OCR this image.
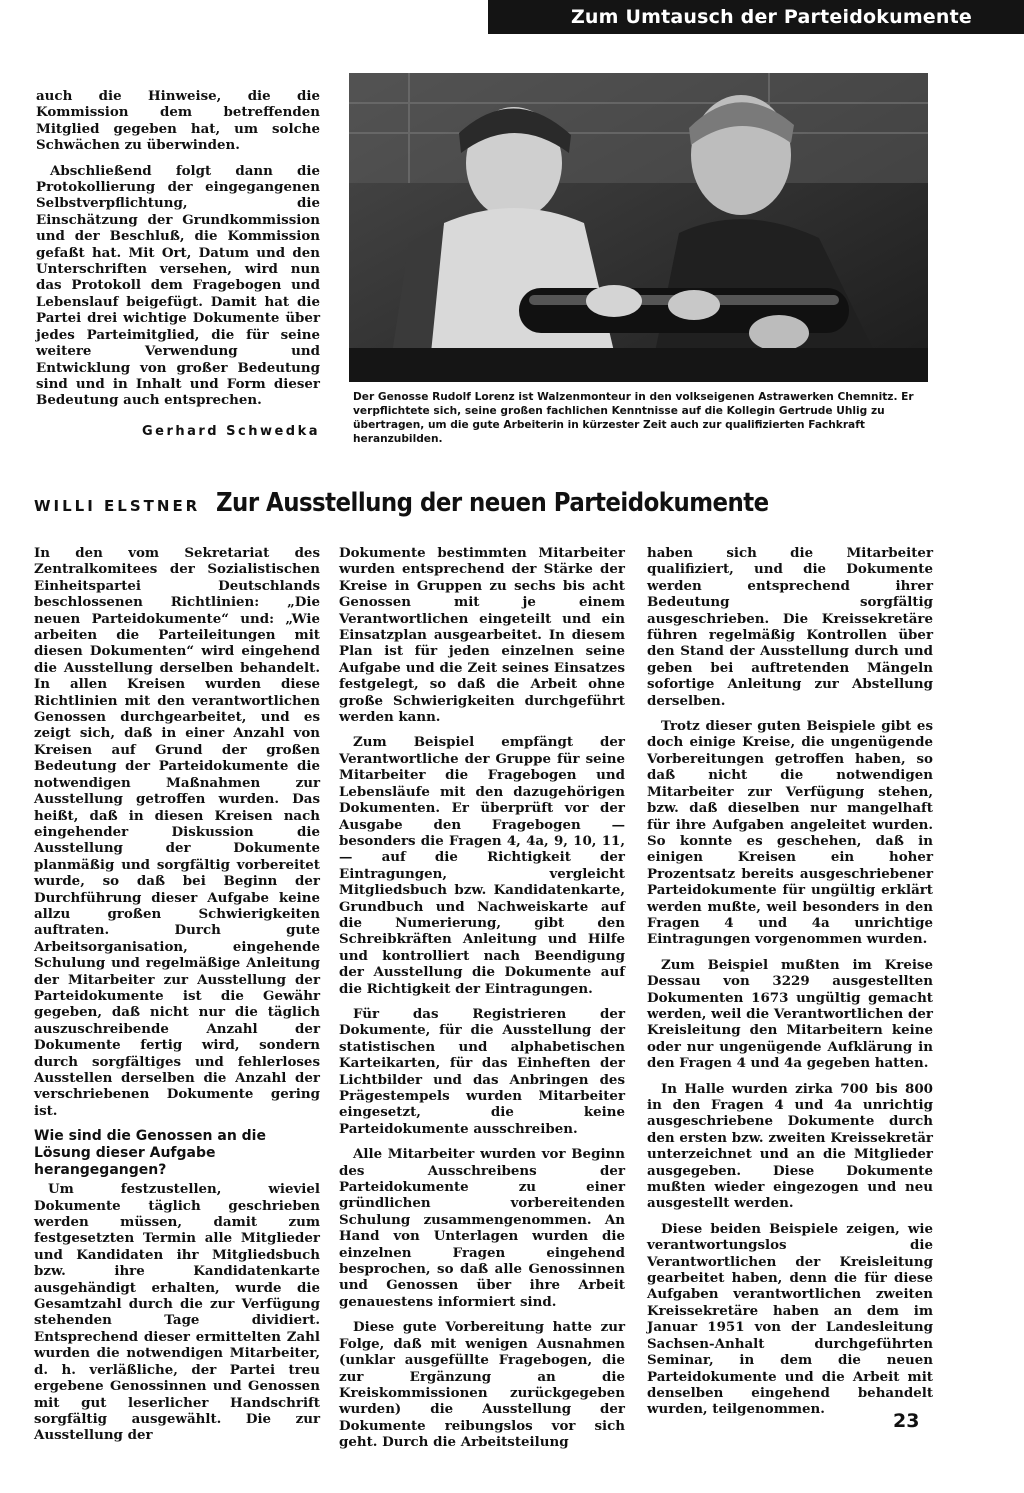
Zum Umtausch der Parteidokumente

auch die Hinweise, die die Kommission dem betreffenden Mitglied gegeben hat, um solche Schwächen zu überwinden.

Abschließend folgt dann die Protokollierung der eingegangenen Selbstverpflichtung, die Einschätzung der Grundkommission und der Beschluß, die Kommission gefaßt hat. Mit Ort, Datum und den Unterschriften versehen, wird nun das Protokoll dem Fragebogen und Lebenslauf beigefügt. Damit hat die Partei drei wichtige Dokumente über jedes Parteimitglied, die für seine weitere Verwendung und Entwicklung von großer Bedeutung sind und in Inhalt und Form dieser Bedeutung auch entsprechen.

Gerhard Schwedka
Der Genosse Rudolf Lorenz ist Walzenmonteur in den volkseigenen Astrawerken Chemnitz. Er verpflichtete sich, seine großen fachlichen Kenntnisse auf die Kollegin Gertrude Uhlig zu übertragen, um die gute Arbeiterin in kürzester Zeit auch zur qualifizierten Fachkraft heranzubilden.
WILLI ELSTNER Zur Ausstellung der neuen Parteidokumente

In den vom Sekretariat des Zentralkomitees der Sozialistischen Einheitspartei Deutschlands beschlossenen Richtlinien: „Die neuen Parteidokumente“ und: „Wie arbeiten die Parteileitungen mit diesen Dokumenten“ wird eingehend die Ausstellung derselben behandelt. In allen Kreisen wurden diese Richtlinien mit den verantwortlichen Genossen durchgearbeitet, und es zeigt sich, daß in einer Anzahl von Kreisen auf Grund der großen Bedeutung der Parteidokumente die notwendigen Maßnahmen zur Ausstellung getroffen wurden. Das heißt, daß in diesen Kreisen nach eingehender Diskussion die Ausstellung der Dokumente planmäßig und sorgfältig vorbereitet wurde, so daß bei Beginn der Durchführung dieser Aufgabe keine allzu großen Schwierigkeiten auftraten. Durch gute Arbeitsorganisation, eingehende Schulung und regelmäßige Anleitung der Mitarbeiter zur Ausstellung der Parteidokumente ist die Gewähr gegeben, daß nicht nur die täglich auszuschreibende Anzahl der Dokumente fertig wird, sondern durch sorgfältiges und fehlerloses Ausstellen derselben die Anzahl der verschriebenen Dokumente gering ist.

Wie sind die Genossen an die Lösung dieser Aufgabe herangegangen?

Um festzustellen, wieviel Dokumente täglich geschrieben werden müssen, damit zum festgesetzten Termin alle Mitglieder und Kandidaten ihr Mitgliedsbuch bzw. ihre Kandidatenkarte ausgehändigt erhalten, wurde die Gesamtzahl durch die zur Verfügung stehenden Tage dividiert. Entsprechend dieser ermittelten Zahl wurden die notwendigen Mitarbeiter, d. h. verläßliche, der Partei treu ergebene Genossinnen und Genossen mit gut leserlicher Handschrift sorgfältig ausgewählt. Die zur Ausstellung der

Dokumente bestimmten Mitarbeiter wurden entsprechend der Stärke der Kreise in Gruppen zu sechs bis acht Genossen mit je einem Verantwortlichen eingeteilt und ein Einsatzplan ausgearbeitet. In diesem Plan ist für jeden einzelnen seine Aufgabe und die Zeit seines Einsatzes festgelegt, so daß die Arbeit ohne große Schwierigkeiten durchgeführt werden kann.

Zum Beispiel empfängt der Verantwortliche der Gruppe für seine Mitarbeiter die Fragebogen und Lebensläufe mit den dazugehörigen Dokumenten. Er überprüft vor der Ausgabe den Fragebogen — besonders die Fragen 4, 4a, 9, 10, 11, — auf die Richtigkeit der Eintragungen, vergleicht Mitgliedsbuch bzw. Kandidatenkarte, Grundbuch und Nachweiskarte auf die Numerierung, gibt den Schreibkräften Anleitung und Hilfe und kontrolliert nach Beendigung der Ausstellung die Dokumente auf die Richtigkeit der Eintragungen.

Für das Registrieren der Dokumente, für die Ausstellung der statistischen und alphabetischen Karteikarten, für das Einheften der Lichtbilder und das Anbringen des Prägestempels wurden Mitarbeiter eingesetzt, die keine Parteidokumente ausschreiben.

Alle Mitarbeiter wurden vor Beginn des Ausschreibens der Parteidokumente zu einer gründlichen vorbereitenden Schulung zusammengenommen. An Hand von Unterlagen wurden die einzelnen Fragen eingehend besprochen, so daß alle Genossinnen und Genossen über ihre Arbeit genauestens informiert sind.

Diese gute Vorbereitung hatte zur Folge, daß mit wenigen Ausnahmen (unklar ausgefüllte Fragebogen, die zur Ergänzung an die Kreiskommissionen zurückgegeben wurden) die Ausstellung der Dokumente reibungslos vor sich geht. Durch die Arbeitsteilung

haben sich die Mitarbeiter qualifiziert, und die Dokumente werden entsprechend ihrer Bedeutung sorgfältig ausgeschrieben. Die Kreissekretäre führen regelmäßig Kontrollen über den Stand der Ausstellung durch und geben bei auftretenden Mängeln sofortige Anleitung zur Abstellung derselben.

Trotz dieser guten Beispiele gibt es doch einige Kreise, die ungenügende Vorbereitungen getroffen haben, so daß nicht die notwendigen Mitarbeiter zur Verfügung stehen, bzw. daß dieselben nur mangelhaft für ihre Aufgaben angeleitet wurden. So konnte es geschehen, daß in einigen Kreisen ein hoher Prozentsatz bereits ausgeschriebener Parteidokumente für ungültig erklärt werden mußte, weil besonders in den Fragen 4 und 4a unrichtige Eintragungen vorgenommen wurden.

Zum Beispiel mußten im Kreise Dessau von 3229 ausgestellten Dokumenten 1673 ungültig gemacht werden, weil die Verantwortlichen der Kreisleitung den Mitarbeitern keine oder nur ungenügende Aufklärung in den Fragen 4 und 4a gegeben hatten.

In Halle wurden zirka 700 bis 800 in den Fragen 4 und 4a unrichtig ausgeschriebene Dokumente durch den ersten bzw. zweiten Kreissekretär unterzeichnet und an die Mitglieder ausgegeben. Diese Dokumente mußten wieder eingezogen und neu ausgestellt werden.

Diese beiden Beispiele zeigen, wie verantwortungslos die Verantwortlichen der Kreisleitung gearbeitet haben, denn die für diese Aufgaben verantwortlichen zweiten Kreissekretäre haben an dem im Januar 1951 von der Landesleitung Sachsen-Anhalt durchgeführten Seminar, in dem die neuen Parteidokumente und die Arbeit mit denselben eingehend behandelt wurden, teilgenommen.

23
